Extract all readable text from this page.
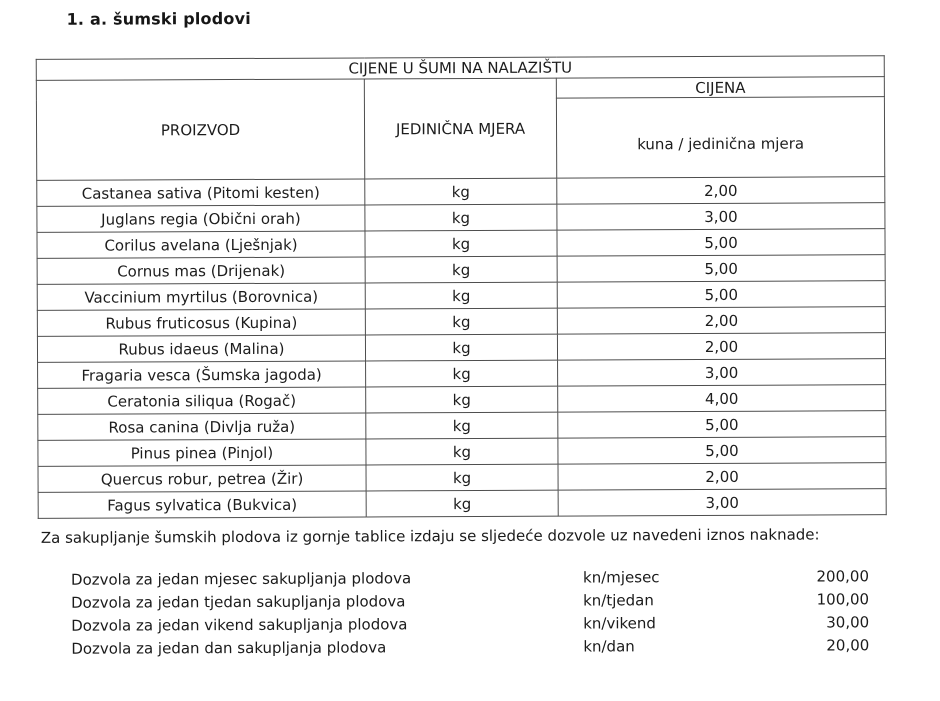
1. a. šumski plodovi
CIJENE U ŠUMI NA NALAZIŠTU		
PROIZVOD	JEDINIČNA MJERA	CIJENA
		kuna / jedinična mjera
Castanea sativa (Pitomi kesten)	kg	2,00
Juglans regia (Obični orah)	kg	3,00
Corilus avelana (Lješnjak)	kg	5,00
Cornus mas (Drijenak)	kg	5,00
Vaccinium myrtilus (Borovnica)	kg	5,00
Rubus fruticosus (Kupina)	kg	2,00
Rubus idaeus (Malina)	kg	2,00
Fragaria vesca (Šumska jagoda)	kg	3,00
Ceratonia siliqua (Rogač)	kg	4,00
Rosa canina (Divlja ruža)	kg	5,00
Pinus pinea (Pinjol)	kg	5,00
Quercus robur, petrea (Žir)	kg	2,00
Fagus sylvatica (Bukvica)	kg	3,00
Za sakupljanje šumskih plodova iz gornje tablice izdaju se sljedeće dozvole uz navedeni iznos naknade:
Dozvola za jedan mjesec sakupljanja plodova	kn/mjesec	200,00
Dozvola za jedan tjedan sakupljanja plodova	kn/tjedan	100,00
Dozvola za jedan vikend sakupljanja plodova	kn/vikend	30,00
Dozvola za jedan dan sakupljanja plodova	kn/dan	20,00
